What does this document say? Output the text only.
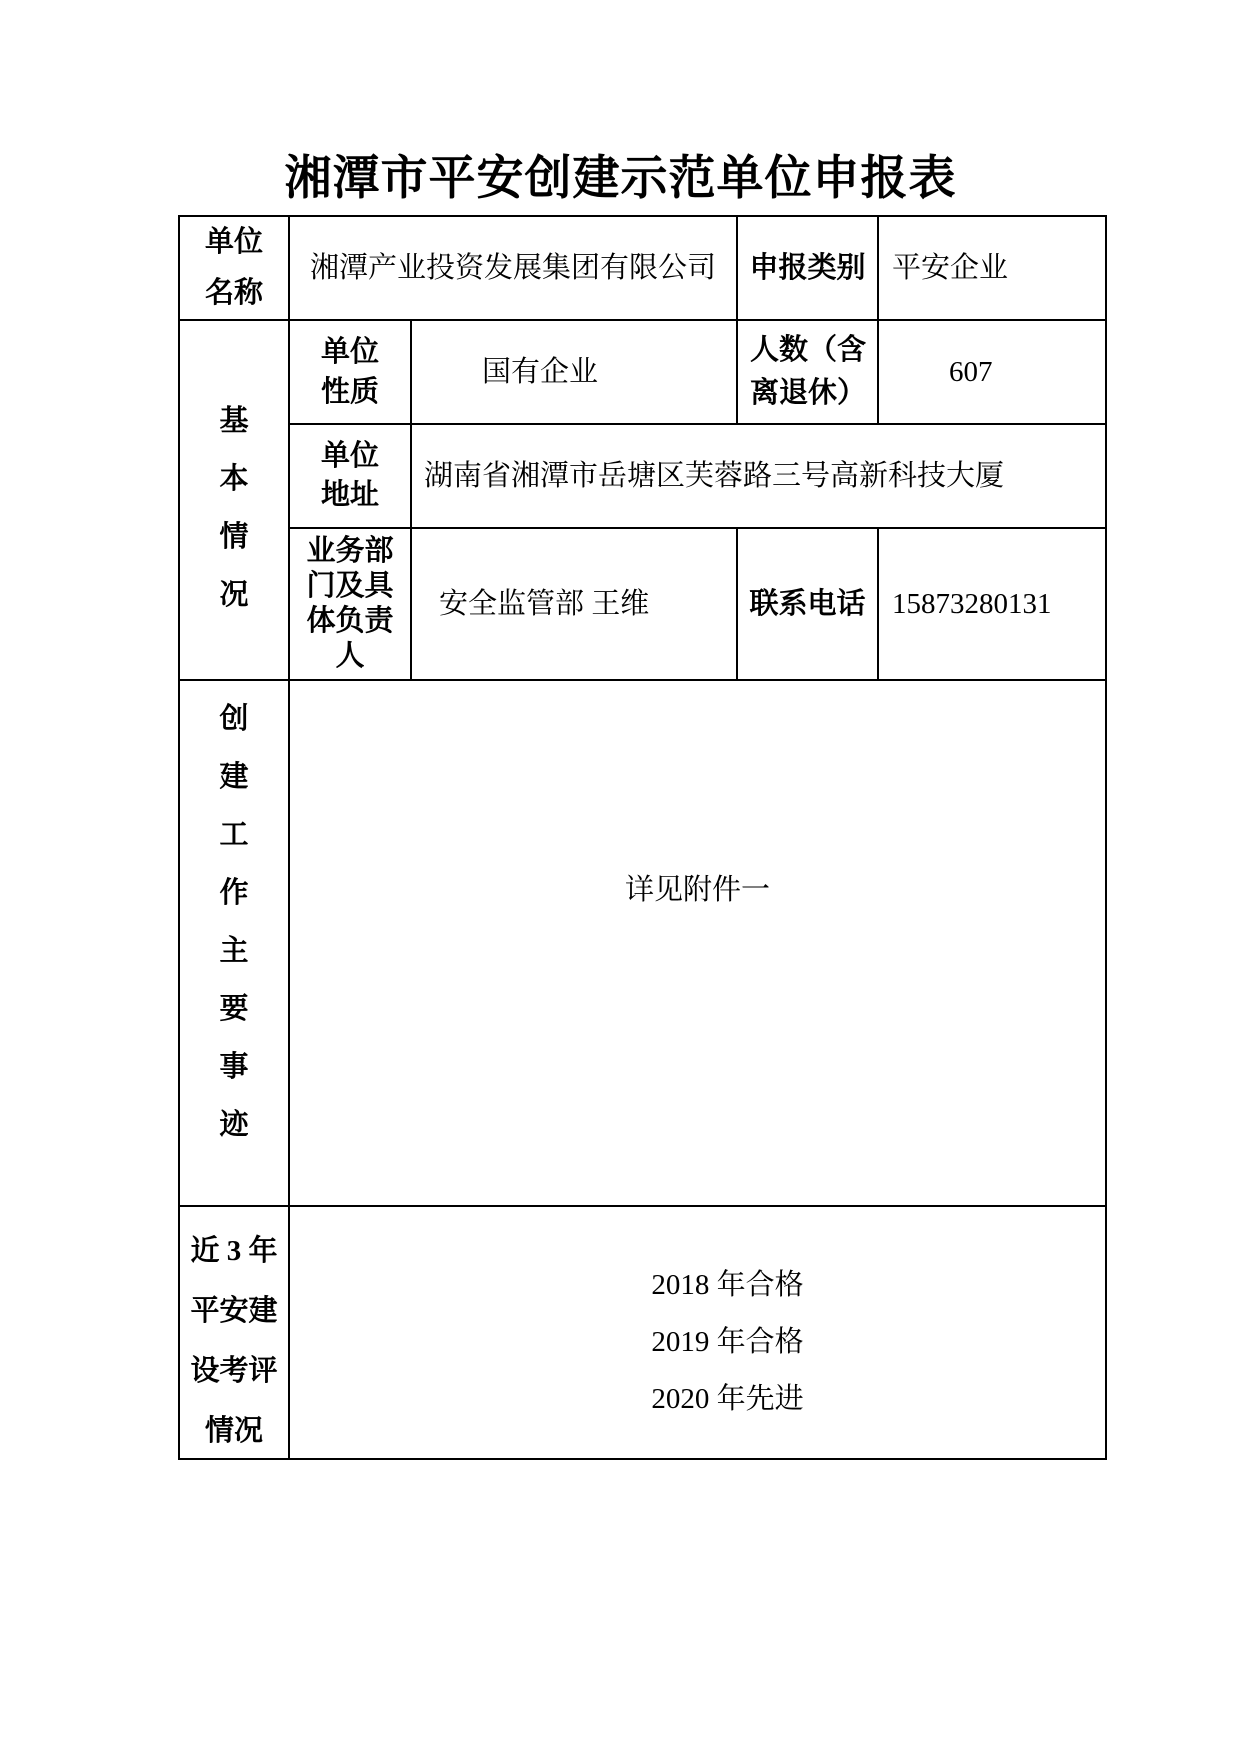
湘潭市平安创建示范单位申报表
单位
名称
湘潭产业投资发展集团有限公司	申报类别 平安企业
基
本
情
况
单位
性质
国有企业
人数（含
离退休）
607
单位
地址
湖南省湘潭市岳塘区芙蓉路三号高新科技大厦
业务部
门及具
体负责
人
安全监管部 王维	联系电话 15873280131
创
建
工
作
主
要
事
迹
详见附件一
近 3 年
平安建
设考评
情况
2018 年合格
2019 年合格
2020 年先进
